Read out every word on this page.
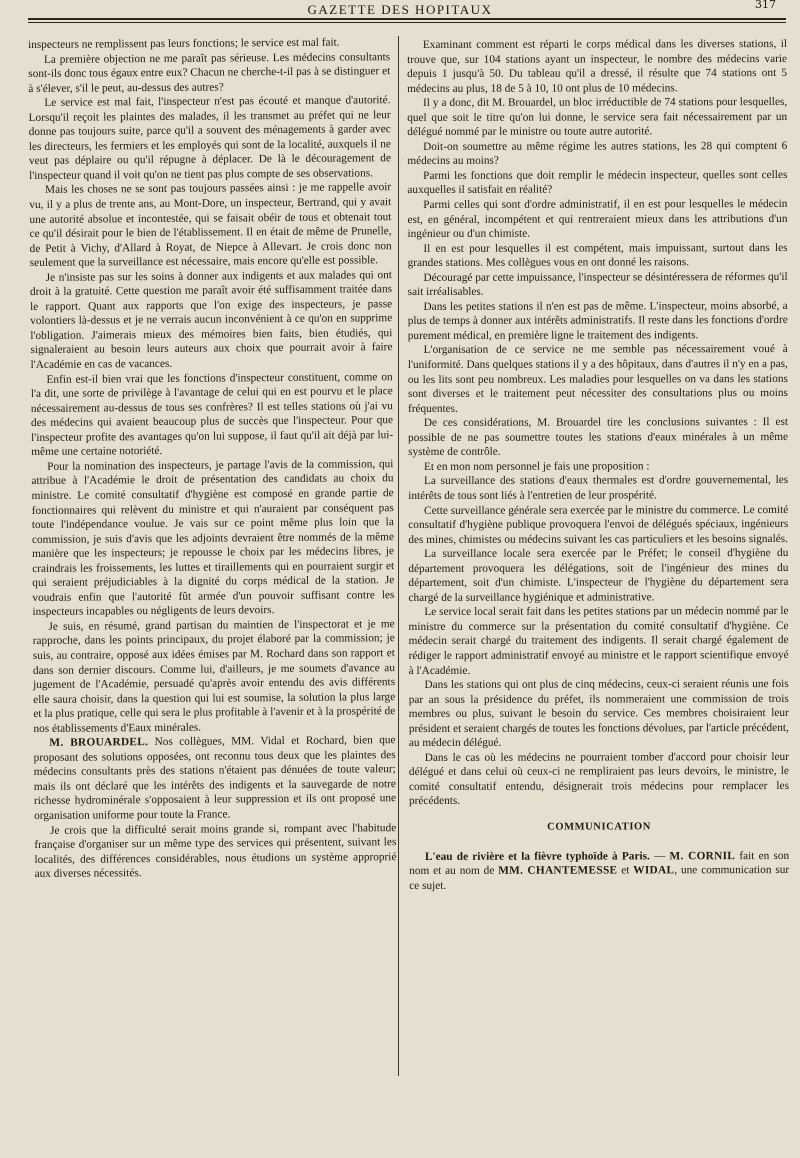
GAZETTE DES HOPITAUX	317

inspecteurs ne remplissent pas leurs fonctions; le service est mal fait.

La première objection ne me paraît pas sérieuse. Les médecins consultants sont-ils donc tous égaux entre eux? Chacun ne cherche-t-il pas à se distinguer et à s'élever, s'il le peut, au-dessus des autres?

Le service est mal fait, l'inspecteur n'est pas écouté et manque d'autorité. Lorsqu'il reçoit les plaintes des malades, il les transmet au préfet qui ne leur donne pas toujours suite, parce qu'il a souvent des ménagements à garder avec les directeurs, les fermiers et les employés qui sont de la localité, auxquels il ne veut pas déplaire ou qu'il répugne à déplacer. De là le découragement de l'inspecteur quand il voit qu'on ne tient pas plus compte de ses observations.

Mais les choses ne se sont pas toujours passées ainsi : je me rappelle avoir vu, il y a plus de trente ans, au Mont-Dore, un inspecteur, Bertrand, qui y avait une autorité absolue et incontestée, qui se faisait obéir de tous et obtenait tout ce qu'il désirait pour le bien de l'établissement. Il en était de même de Prunelle, de Petit à Vichy, d'Allard à Royat, de Niepce à Allevart. Je crois donc non seulement que la surveillance est nécessaire, mais encore qu'elle est possible.

Je n'insiste pas sur les soins à donner aux indigents et aux malades qui ont droit à la gratuité. Cette question me paraît avoir été suffisamment traitée dans le rapport. Quant aux rapports que l'on exige des inspecteurs, je passe volontiers là-dessus et je ne verrais aucun inconvénient à ce qu'on en supprime l'obligation. J'aimerais mieux des mémoires bien faits, bien étudiés, qui signaleraient au besoin leurs auteurs aux choix que pourrait avoir à faire l'Académie en cas de vacances.

Enfin est-il bien vrai que les fonctions d'inspecteur constituent, comme on l'a dit, une sorte de privilège à l'avantage de celui qui en est pourvu et le place nécessairement au-dessus de tous ses confrères? Il est telles stations où j'ai vu des médecins qui avaient beaucoup plus de succès que l'inspecteur. Pour que l'inspecteur profite des avantages qu'on lui suppose, il faut qu'il ait déjà par lui-même une certaine notoriété.

Pour la nomination des inspecteurs, je partage l'avis de la commission, qui attribue à l'Académie le droit de présentation des candidats au choix du ministre. Le comité consultatif d'hygiène est composé en grande partie de fonctionnaires qui relèvent du ministre et qui n'auraient par conséquent pas toute l'indépendance voulue. Je vais sur ce point même plus loin que la commission, je suis d'avis que les adjoints devraient être nommés de la même manière que les inspecteurs; je repousse le choix par les médecins libres, je craindrais les froissements, les luttes et tiraillements qui en pourraient surgir et qui seraient préjudiciables à la dignité du corps médical de la station. Je voudrais enfin que l'autorité fût armée d'un pouvoir suffisant contre les inspecteurs incapables ou négligents de leurs devoirs.

Je suis, en résumé, grand partisan du maintien de l'inspectorat et je me rapproche, dans les points principaux, du projet élaboré par la commission; je suis, au contraire, opposé aux idées émises par M. Rochard dans son rapport et dans son dernier discours. Comme lui, d'ailleurs, je me soumets d'avance au jugement de l'Académie, persuadé qu'après avoir entendu des avis différents elle saura choisir, dans la question qui lui est soumise, la solution la plus large et la plus pratique, celle qui sera le plus profitable à l'avenir et à la prospérité de nos établissements d'Eaux minérales.

M. BROUARDEL. Nos collègues, MM. Vidal et Rochard, bien que proposant des solutions opposées, ont reconnu tous deux que les plaintes des médecins consultants près des stations n'étaient pas dénuées de toute valeur; mais ils ont déclaré que les intérêts des indigents et la sauvegarde de notre richesse hydrominérale s'opposaient à leur suppression et ils ont proposé une organisation uniforme pour toute la France.

Je crois que la difficulté serait moins grande si, rompant avec l'habitude française d'organiser sur un même type des services qui présentent, suivant les localités, des différences considérables, nous étudions un système approprié aux diverses nécessités.

Examinant comment est réparti le corps médical dans les diverses stations, il trouve que, sur 104 stations ayant un inspecteur, le nombre des médecins varie depuis 1 jusqu'à 50. Du tableau qu'il a dressé, il résulte que 74 stations ont 5 médecins au plus, 18 de 5 à 10, 10 ont plus de 10 médecins.

Il y a donc, dit M. Brouardel, un bloc irréductible de 74 stations pour lesquelles, quel que soit le titre qu'on lui donne, le service sera fait nécessairement par un délégué nommé par le ministre ou toute autre autorité.

Doit-on soumettre au même régime les autres stations, les 28 qui comptent 6 médecins au moins?

Parmi les fonctions que doit remplir le médecin inspecteur, quelles sont celles auxquelles il satisfait en réalité?

Parmi celles qui sont d'ordre administratif, il en est pour lesquelles le médecin est, en général, incompétent et qui rentreraient mieux dans les attributions d'un ingénieur ou d'un chimiste.

Il en est pour lesquelles il est compétent, mais impuissant, surtout dans les grandes stations. Mes collègues vous en ont donné les raisons.

Découragé par cette impuissance, l'inspecteur se désintéressera de réformes qu'il sait irréalisables.

Dans les petites stations il n'en est pas de même. L'inspecteur, moins absorbé, a plus de temps à donner aux intérêts administratifs. Il reste dans les fonctions d'ordre purement médical, en première ligne le traitement des indigents.

L'organisation de ce service ne me semble pas nécessairement voué à l'uniformité. Dans quelques stations il y a des hôpitaux, dans d'autres il n'y en a pas, ou les lits sont peu nombreux. Les maladies pour lesquelles on va dans les stations sont diverses et le traitement peut nécessiter des consultations plus ou moins fréquentes.

De ces considérations, M. Brouardel tire les conclusions suivantes : Il est possible de ne pas soumettre toutes les stations d'eaux minérales à un même système de contrôle.

Et en mon nom personnel je fais une proposition :

La surveillance des stations d'eaux thermales est d'ordre gouvernemental, les intérêts de tous sont liés à l'entretien de leur prospérité.

Cette surveillance générale sera exercée par le ministre du commerce. Le comité consultatif d'hygiène publique provoquera l'envoi de délégués spéciaux, ingénieurs des mines, chimistes ou médecins suivant les cas particuliers et les besoins signalés.

La surveillance locale sera exercée par le Préfet; le conseil d'hygiène du département provoquera les délégations, soit de l'ingénieur des mines du département, soit d'un chimiste. L'inspecteur de l'hygiène du département sera chargé de la surveillance hygiénique et administrative.

Le service local serait fait dans les petites stations par un médecin nommé par le ministre du commerce sur la présentation du comité consultatif d'hygiène. Ce médecin serait chargé du traitement des indigents. Il serait chargé également de rédiger le rapport administratif envoyé au ministre et le rapport scientifique envoyé à l'Académie.

Dans les stations qui ont plus de cinq médecins, ceux-ci seraient réunis une fois par an sous la présidence du préfet, ils nommeraient une commission de trois membres ou plus, suivant le besoin du service. Ces membres choisiraient leur président et seraient chargés de toutes les fonctions dévolues, par l'article précédent, au médecin délégué.

Dans le cas où les médecins ne pourraient tomber d'accord pour choisir leur délégué et dans celui où ceux-ci ne rempliraient pas leurs devoirs, le ministre, le comité consultatif entendu, désignerait trois médecins pour remplacer les précédents.

COMMUNICATION

L'eau de rivière et la fièvre typhoïde à Paris. — M. CORNIL fait en son nom et au nom de MM. CHANTEMESSE et WIDAL, une communication sur ce sujet.
